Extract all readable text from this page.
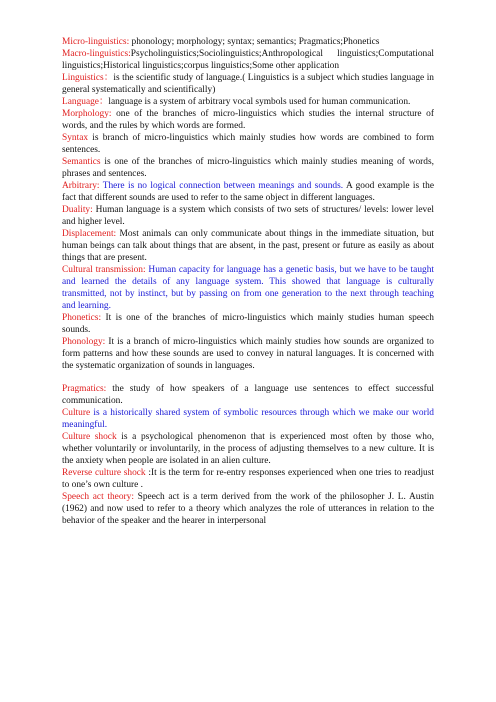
Micro-linguistics: phonology; morphology; syntax; semantics; Pragmatics;Phonetics

Macro-linguistics:Psycholinguistics;Sociolinguistics;Anthropological linguistics;Computational linguistics;Historical linguistics;corpus linguistics;Some other application

Linguistics：is the scientific study of language.( Linguistics is a subject which studies language in general systematically and scientifically)

Language：language is a system of arbitrary vocal symbols used for human communication.

Morphology: one of the branches of micro-linguistics which studies the internal structure of words, and the rules by which words are formed.

Syntax is branch of micro-linguistics which mainly studies how words are combined to form sentences.

Semantics is one of the branches of micro-linguistics which mainly studies meaning of words, phrases and sentences.

Arbitrary: There is no logical connection between meanings and sounds. A good example is the fact that different sounds are used to refer to the same object in different languages.

Duality: Human language is a system which consists of two sets of structures/ levels: lower level and higher level.

Displacement: Most animals can only communicate about things in the immediate situation, but human beings can talk about things that are absent, in the past, present or future as easily as about things that are present.

Cultural transmission: Human capacity for language has a genetic basis, but we have to be taught and learned the details of any language system. This showed that language is culturally transmitted, not by instinct, but by passing on from one generation to the next through teaching and learning.

Phonetics: It is one of the branches of micro-linguistics which mainly studies human speech sounds.

Phonology: It is a branch of micro-linguistics which mainly studies how sounds are organized to form patterns and how these sounds are used to convey in natural languages. It is concerned with the systematic organization of sounds in languages.

Pragmatics: the study of how speakers of a language use sentences to effect successful communication.

Culture is a historically shared system of symbolic resources through which we make our world meaningful.

Culture shock is a psychological phenomenon that is experienced most often by those who, whether voluntarily or involuntarily, in the process of adjusting themselves to a new culture. It is the anxiety when people are isolated in an alien culture.

Reverse culture shock :It is the term for re-entry responses experienced when one tries to readjust to one’s own culture .

Speech act theory: Speech act is a term derived from the work of the philosopher J. L. Austin (1962) and now used to refer to a theory which analyzes the role of utterances in relation to the behavior of the speaker and the hearer in interpersonal
